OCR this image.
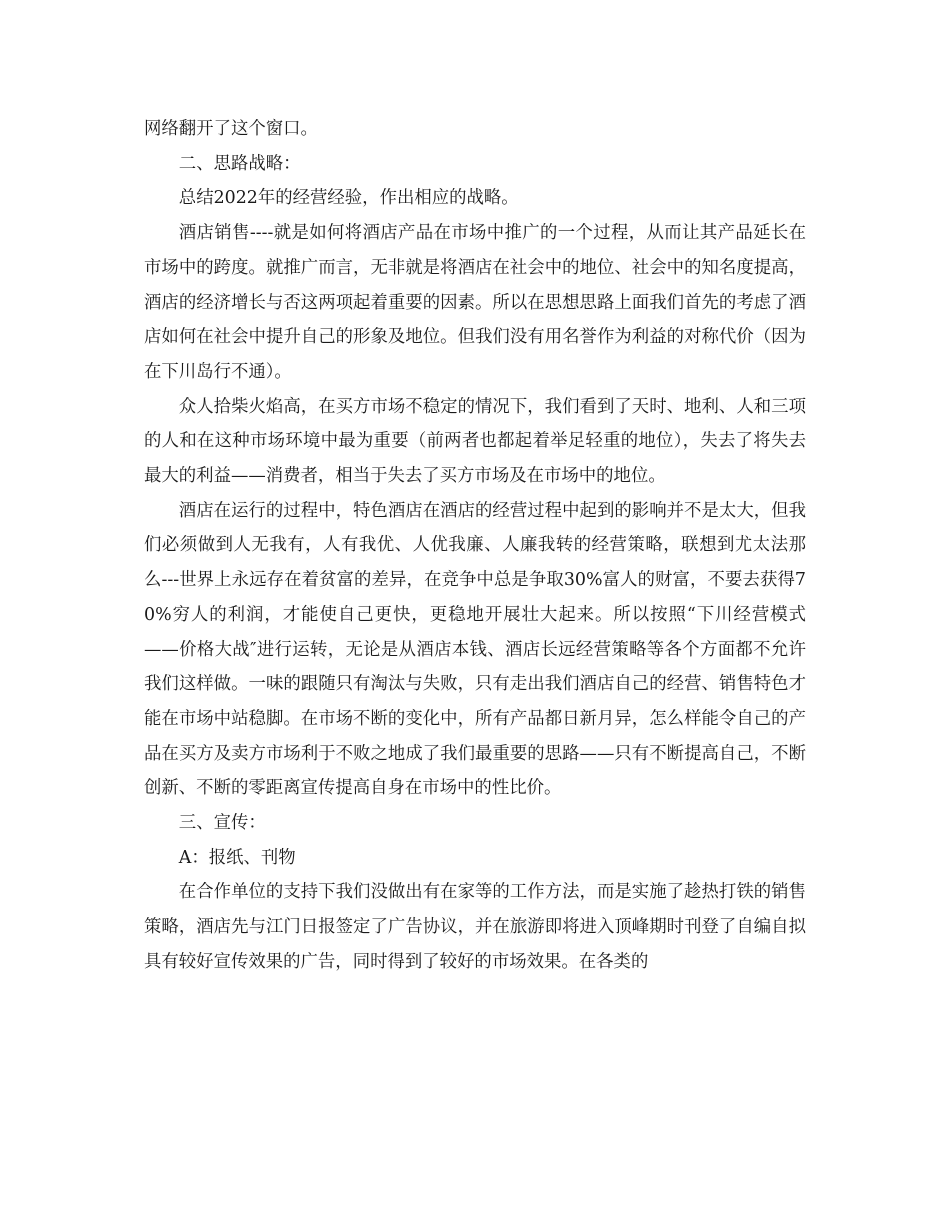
网络翻开了这个窗口。

二、思路战略：

总结2022年的经营经验，作出相应的战略。

酒店销售----就是如何将酒店产品在市场中推广的一个过程，从而让其产品延长在市场中的跨度。就推广而言，无非就是将酒店在社会中的地位、社会中的知名度提高，酒店的经济增长与否这两项起着重要的因素。所以在思想思路上面我们首先的考虑了酒店如何在社会中提升自己的形象及地位。但我们没有用名誉作为利益的对称代价（因为在下川岛行不通）。

众人拾柴火焰高，在买方市场不稳定的情况下，我们看到了天时、地利、人和三项的人和在这种市场环境中最为重要（前两者也都起着举足轻重的地位），失去了将失去最大的利益——消费者，相当于失去了买方市场及在市场中的地位。

酒店在运行的过程中，特色酒店在酒店的经营过程中起到的影响并不是太大，但我们必须做到人无我有，人有我优、人优我廉、人廉我转的经营策略，联想到尤太法那么---世界上永远存在着贫富的差异，在竞争中总是争取30%富人的财富，不要去获得70%穷人的利润，才能使自己更快，更稳地开展壮大起来。所以按照“下川经营模式——价格大战″进行运转，无论是从酒店本钱、酒店长远经营策略等各个方面都不允许我们这样做。一味的跟随只有淘汰与失败，只有走出我们酒店自己的经营、销售特色才能在市场中站稳脚。在市场不断的变化中，所有产品都日新月异，怎么样能令自己的产品在买方及卖方市场利于不败之地成了我们最重要的思路——只有不断提高自己，不断创新、不断的零距离宣传提高自身在市场中的性比价。

三、宣传：

A：报纸、刊物

在合作单位的支持下我们没做出有在家等的工作方法，而是实施了趁热打铁的销售策略，酒店先与江门日报签定了广告协议，并在旅游即将进入顶峰期时刊登了自编自拟具有较好宣传效果的广告，同时得到了较好的市场效果。在各类的
